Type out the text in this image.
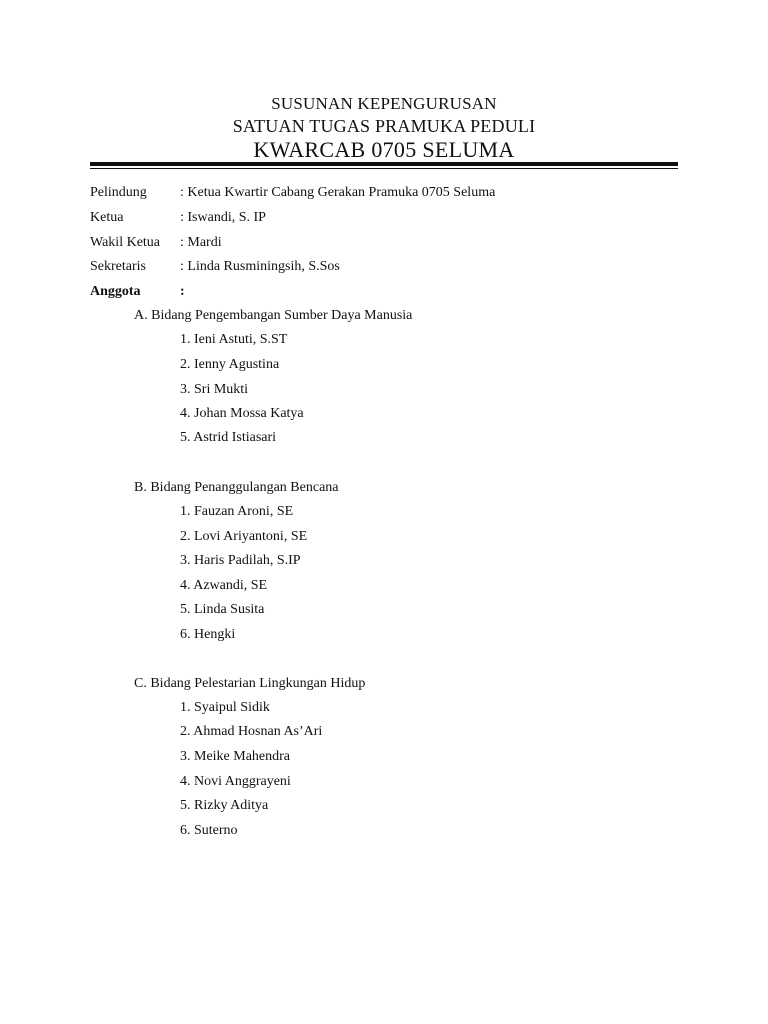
SUSUNAN KEPENGURUSAN
SATUAN TUGAS PRAMUKA PEDULI
KWARCAB 0705 SELUMA
Pelindung : Ketua Kwartir Cabang Gerakan Pramuka 0705 Seluma
Ketua	: Iswandi, S. IP
Wakil Ketua : Mardi
Sekretaris : Linda Rusminingsih, S.Sos
Anggota	:
A. Bidang Pengembangan Sumber Daya Manusia
1. Ieni Astuti, S.ST
2. Ienny Agustina
3. Sri Mukti
4. Johan Mossa Katya
5. Astrid Istiasari
B. Bidang Penanggulangan Bencana
1. Fauzan Aroni, SE
2. Lovi Ariyantoni, SE
3. Haris Padilah, S.IP
4. Azwandi, SE
5. Linda Susita
6. Hengki
C. Bidang Pelestarian Lingkungan Hidup
1. Syaipul Sidik
2. Ahmad Hosnan As’Ari
3. Meike Mahendra
4. Novi Anggrayeni
5. Rizky Aditya
6. Suterno
